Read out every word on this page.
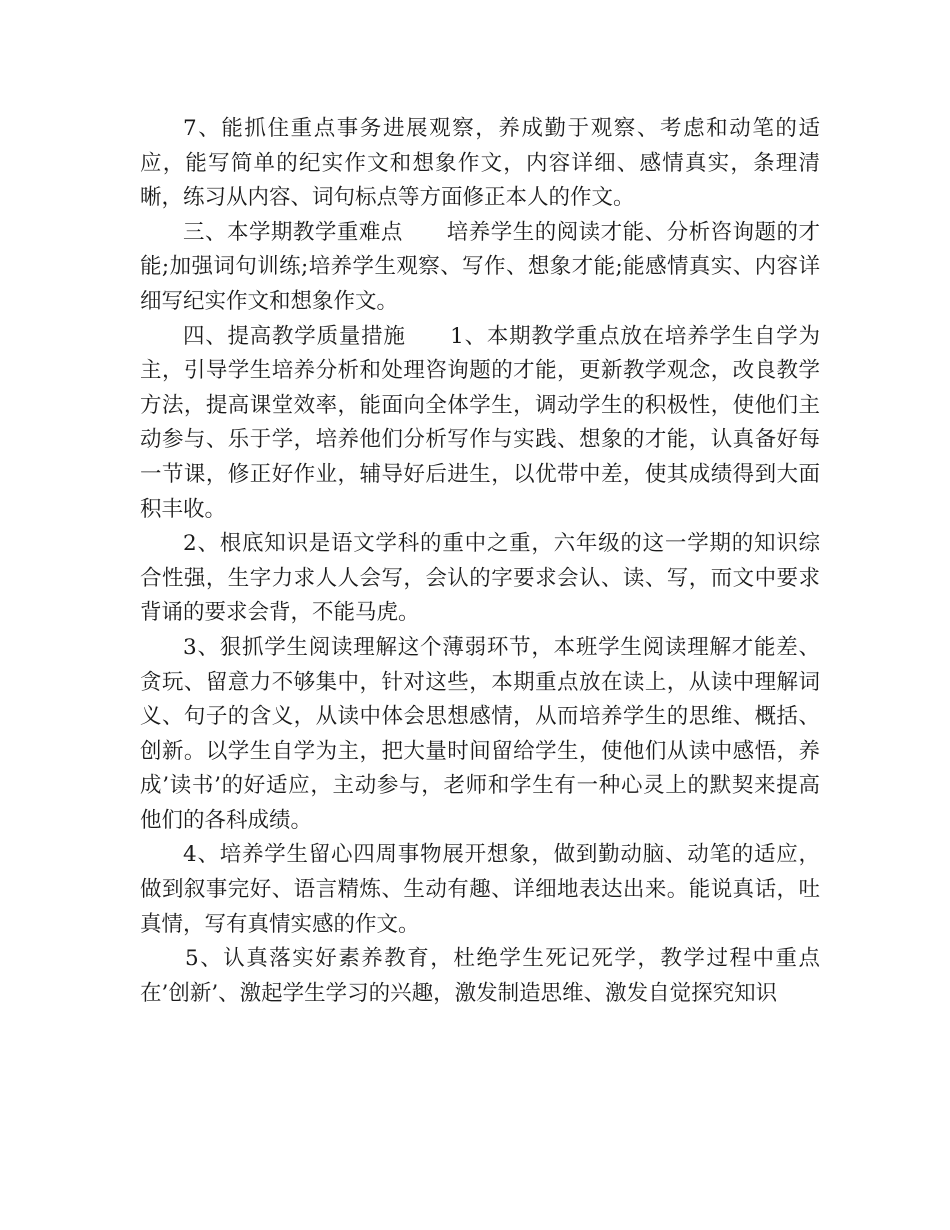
7、能抓住重点事务进展观察，养成勤于观察、考虑和动笔的适应，能写简单的纪实作文和想象作文，内容详细、感情真实，条理清晰，练习从内容、词句标点等方面修正本人的作文。

三、本学期教学重难点　　培养学生的阅读才能、分析咨询题的才能;加强词句训练;培养学生观察、写作、想象才能;能感情真实、内容详细写纪实作文和想象作文。

四、提高教学质量措施　　1、本期教学重点放在培养学生自学为主，引导学生培养分析和处理咨询题的才能，更新教学观念，改良教学方法，提高课堂效率，能面向全体学生，调动学生的积极性，使他们主动参与、乐于学，培养他们分析写作与实践、想象的才能，认真备好每一节课，修正好作业，辅导好后进生，以优带中差，使其成绩得到大面积丰收。

2、根底知识是语文学科的重中之重，六年级的这一学期的知识综合性强，生字力求人人会写，会认的字要求会认、读、写，而文中要求背诵的要求会背，不能马虎。

3、狠抓学生阅读理解这个薄弱环节，本班学生阅读理解才能差、贪玩、留意力不够集中，针对这些，本期重点放在读上，从读中理解词义、句子的含义，从读中体会思想感情，从而培养学生的思维、概括、创新。以学生自学为主，把大量时间留给学生，使他们从读中感悟，养成’读书’的好适应，主动参与，老师和学生有一种心灵上的默契来提高他们的各科成绩。

4、培养学生留心四周事物展开想象，做到勤动脑、动笔的适应，做到叙事完好、语言精炼、生动有趣、详细地表达出来。能说真话，吐真情，写有真情实感的作文。

5、认真落实好素养教育，杜绝学生死记死学，教学过程中重点在’创新’、激起学生学习的兴趣，激发制造思维、激发自觉探究知识
